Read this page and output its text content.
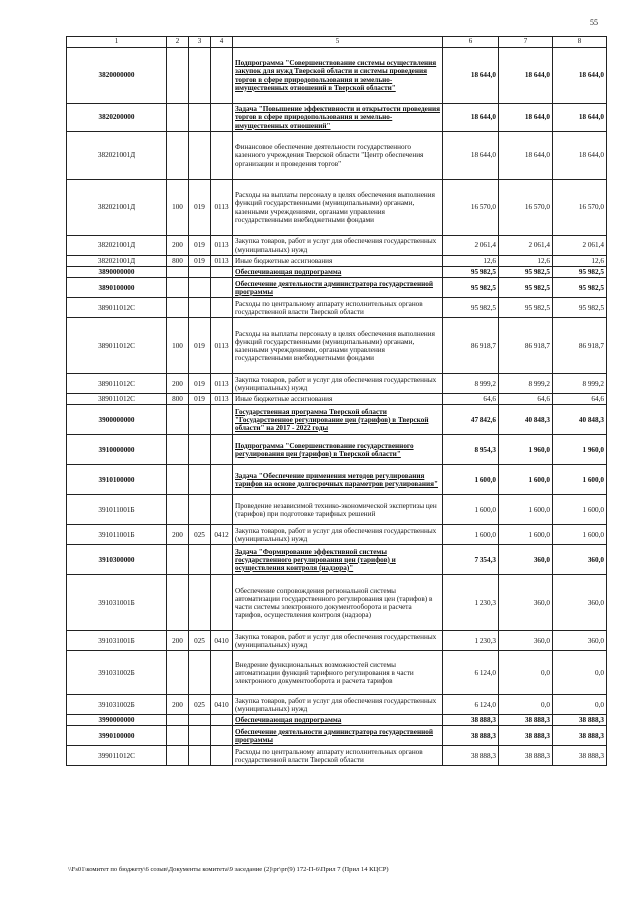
55
1	2	3	4	5	6	7	8
3820000000				Подпрограмма "Совершенствование системы осуществления закупок для нужд Тверской области и системы проведения торгов в сфере природопользования и земельно-имущественных отношений в Тверской области"	18 644,0	18 644,0	18 644,0
3820200000				Задача "Повышение эффективности и открытости проведения торгов в сфере природопользования и земельно-имущественных отношений"	18 644,0	18 644,0	18 644,0
382021001Д				Финансовое обеспечение деятельности государственного казенного учреждения Тверской области "Центр обеспечения организации и проведения торгов"	18 644,0	18 644,0	18 644,0
382021001Д	100	019	0113	Расходы на выплаты персоналу в целях обеспечения выполнения функций государственными (муниципальными) органами, казенными учреждениями, органами управления государственными внебюджетными фондами	16 570,0	16 570,0	16 570,0
382021001Д	200	019	0113	Закупка товаров, работ и услуг для обеспечения государственных (муниципальных) нужд	2 061,4	2 061,4	2 061,4
382021001Д	800	019	0113	Иные бюджетные ассигнования	12,6	12,6	12,6
3890000000				Обеспечивающая подпрограмма	95 982,5	95 982,5	95 982,5
3890100000				Обеспечение деятельности администратора государственной программы	95 982,5	95 982,5	95 982,5
389011012С				Расходы по центральному аппарату исполнительных органов государственной власти Тверской области	95 982,5	95 982,5	95 982,5
389011012С	100	019	0113	Расходы на выплаты персоналу в целях обеспечения выполнения функций государственными (муниципальными) органами, казенными учреждениями, органами управления государственными внебюджетными фондами	86 918,7	86 918,7	86 918,7
389011012С	200	019	0113	Закупка товаров, работ и услуг для обеспечения государственных (муниципальных) нужд	8 999,2	8 999,2	8 999,2
389011012С	800	019	0113	Иные бюджетные ассигнования	64,6	64,6	64,6
3900000000				Государственная программа Тверской области "Государственное регулирование цен (тарифов) в Тверской области" на 2017 - 2022 годы	47 842,6	40 848,3	40 848,3
3910000000				Подпрограмма "Совершенствование государственного регулирования цен (тарифов) в Тверской области"	8 954,3	1 960,0	1 960,0
3910100000				Задача "Обеспечение применения методов регулирования тарифов на основе долгосрочных параметров регулирования"	1 600,0	1 600,0	1 600,0
391011001Б				Проведение независимой технико-экономической экспертизы цен (тарифов) при подготовке тарифных решений	1 600,0	1 600,0	1 600,0
391011001Б	200	025	0412	Закупка товаров, работ и услуг для обеспечения государственных (муниципальных) нужд	1 600,0	1 600,0	1 600,0
3910300000				Задача "Формирование эффективной системы государственного регулирования цен (тарифов) и осуществления контроля (надзора)"	7 354,3	360,0	360,0
391031001Б				Обеспечение сопровождения региональной системы автоматизации государственного регулирования цен (тарифов) в части системы электронного документооборота и расчета тарифов, осуществления контроля (надзора)	1 230,3	360,0	360,0
391031001Б	200	025	0410	Закупка товаров, работ и услуг для обеспечения государственных (муниципальных) нужд	1 230,3	360,0	360,0
391031002Б				Внедрение функциональных возможностей системы автоматизации функций тарифного регулирования в части электронного документооборота и расчета тарифов	6 124,0	0,0	0,0
391031002Б	200	025	0410	Закупка товаров, работ и услуг для обеспечения государственных (муниципальных) нужд	6 124,0	0,0	0,0
3990000000				Обеспечивающая подпрограмма	38 888,3	38 888,3	38 888,3
3990100000				Обеспечение деятельности администратора государственной программы	38 888,3	38 888,3	38 888,3
399011012С				Расходы по центральному аппарату исполнительных органов государственной власти Тверской области	38 888,3	38 888,3	38 888,3
\\Fs01\комитет по бюджету\6 созыв\Документы комитета\9 заседание (2)\рг\рг(9) 172-П-6\Прил 7 (Прил 14 КЦСР)
